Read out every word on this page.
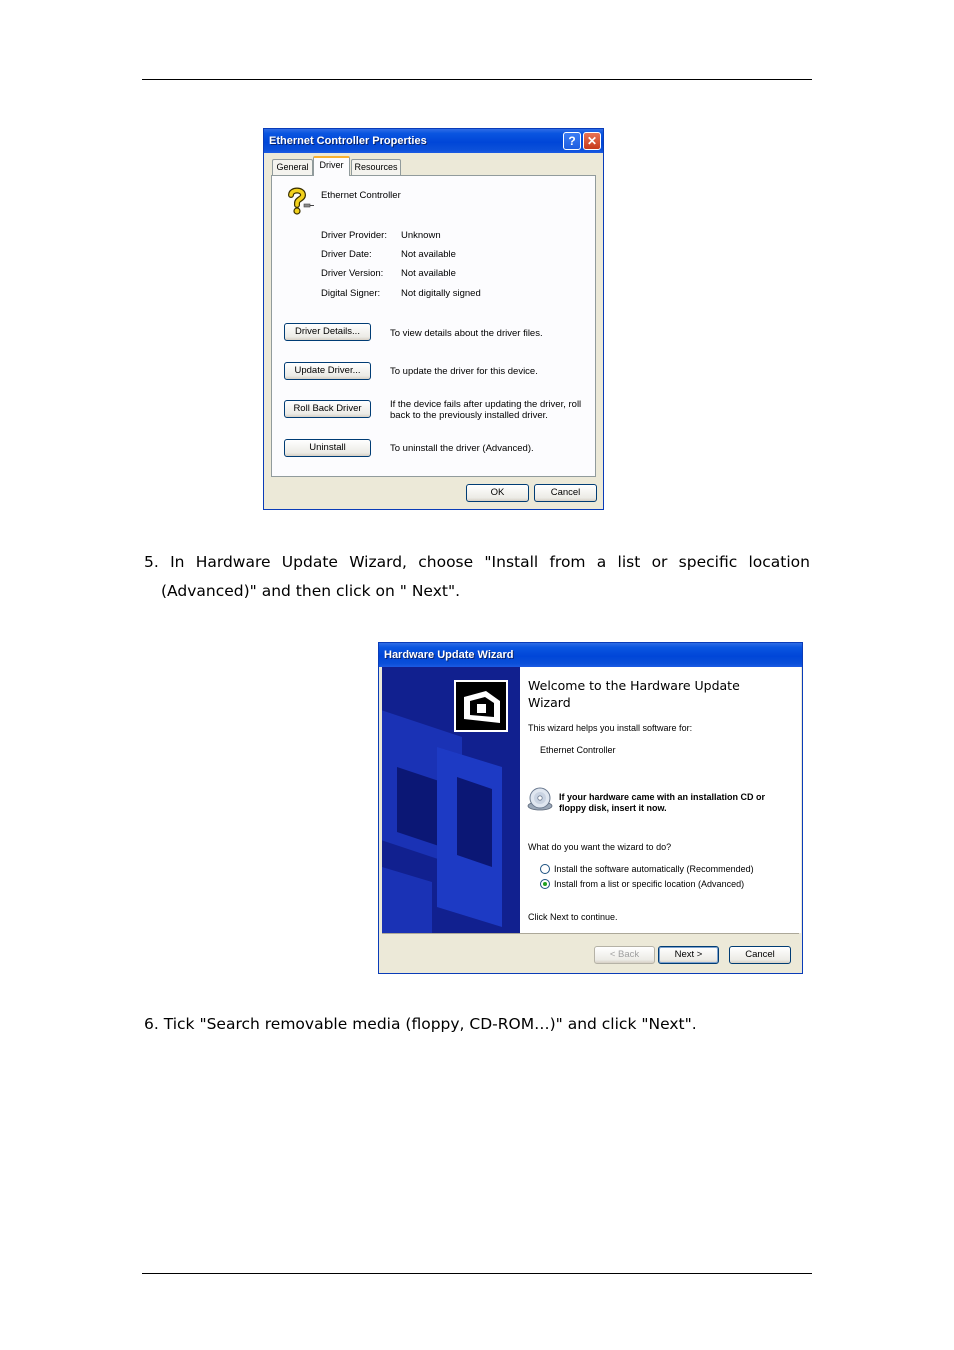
Ethernet Controller Properties	? ✕
General	Driver	Resources
Ethernet Controller
Driver Provider: Unknown
Driver Date:	Not available
Driver Version: Not available
Digital Signer: Not digitally signed
Driver Details...	To view details about the driver files.
Update Driver...	To update the driver for this device.
Roll Back Driver	If the device fails after updating the driver, roll back to the previously installed driver.
Uninstall	To uninstall the driver (Advanced).
OK	Cancel
5. In Hardware Update Wizard, choose "Install from a list or specific location (Advanced)" and then click on " Next".
Hardware Update Wizard
Welcome to the Hardware Update Wizard
This wizard helps you install software for:
Ethernet Controller
If your hardware came with an installation CD or floppy disk, insert it now.
What do you want the wizard to do?
Install the software automatically (Recommended)
Install from a list or specific location (Advanced)
Click Next to continue.
< Back	Next >	Cancel
6. Tick "Search removable media (floppy, CD-ROM…)" and click "Next".
